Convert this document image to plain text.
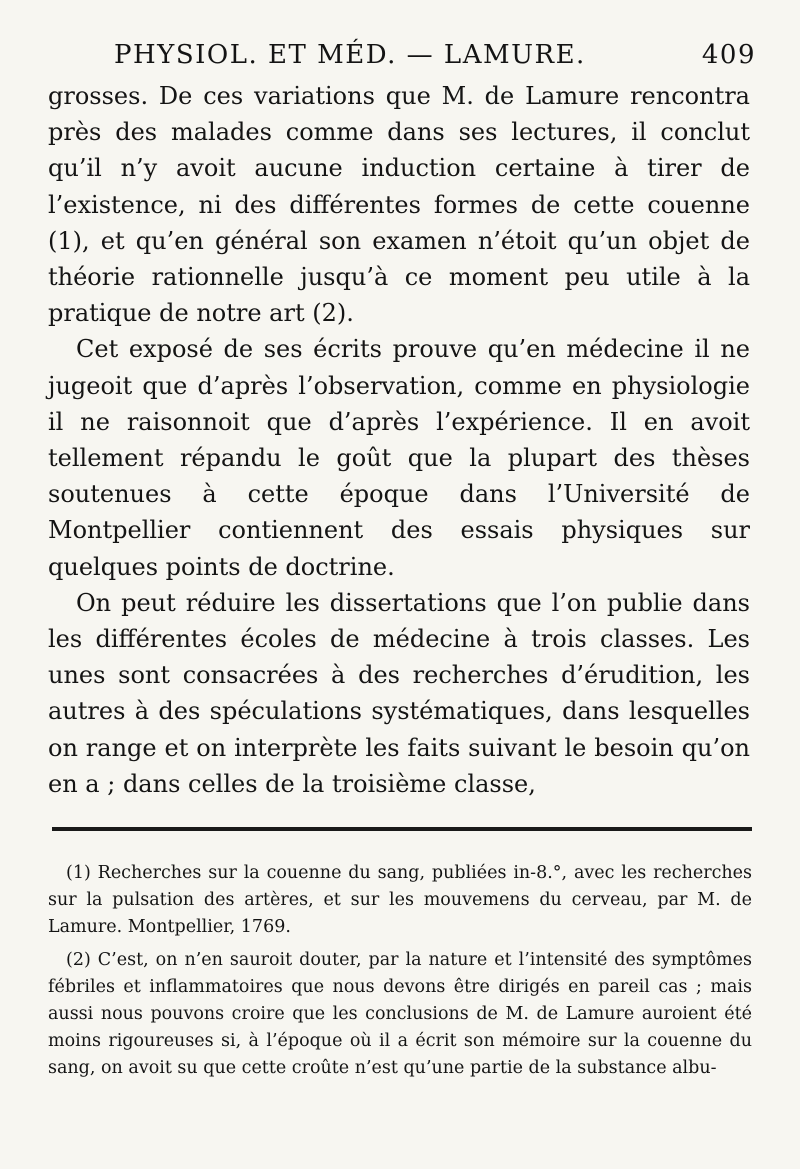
PHYSIOL. ET MÉD. — LAMURE.	409

grosses. De ces variations que M. de Lamure rencontra près des malades comme dans ses lectures, il conclut qu’il n’y avoit aucune induction certaine à tirer de l’existence, ni des différentes formes de cette couenne (1), et qu’en général son examen n’étoit qu’un objet de théorie rationnelle jusqu’à ce moment peu utile à la pratique de notre art (2).

Cet exposé de ses écrits prouve qu’en médecine il ne jugeoit que d’après l’observation, comme en physiologie il ne raisonnoit que d’après l’expérience. Il en avoit tellement répandu le goût que la plupart des thèses soutenues à cette époque dans l’Université de Montpellier contiennent des essais physiques sur quelques points de doctrine.

On peut réduire les dissertations que l’on publie dans les différentes écoles de médecine à trois classes. Les unes sont consacrées à des recherches d’érudition, les autres à des spéculations systématiques, dans lesquelles on range et on interprète les faits suivant le besoin qu’on en a ; dans celles de la troisième classe,

(1) Recherches sur la couenne du sang, publiées in-8.°, avec les recherches sur la pulsation des artères, et sur les mouvemens du cerveau, par M. de Lamure. Montpellier, 1769.

(2) C’est, on n’en sauroit douter, par la nature et l’intensité des symptômes fébriles et inflammatoires que nous devons être dirigés en pareil cas ; mais aussi nous pouvons croire que les conclusions de M. de Lamure auroient été moins rigoureuses si, à l’époque où il a écrit son mémoire sur la couenne du sang, on avoit su que cette croûte n’est qu’une partie de la substance albu-
